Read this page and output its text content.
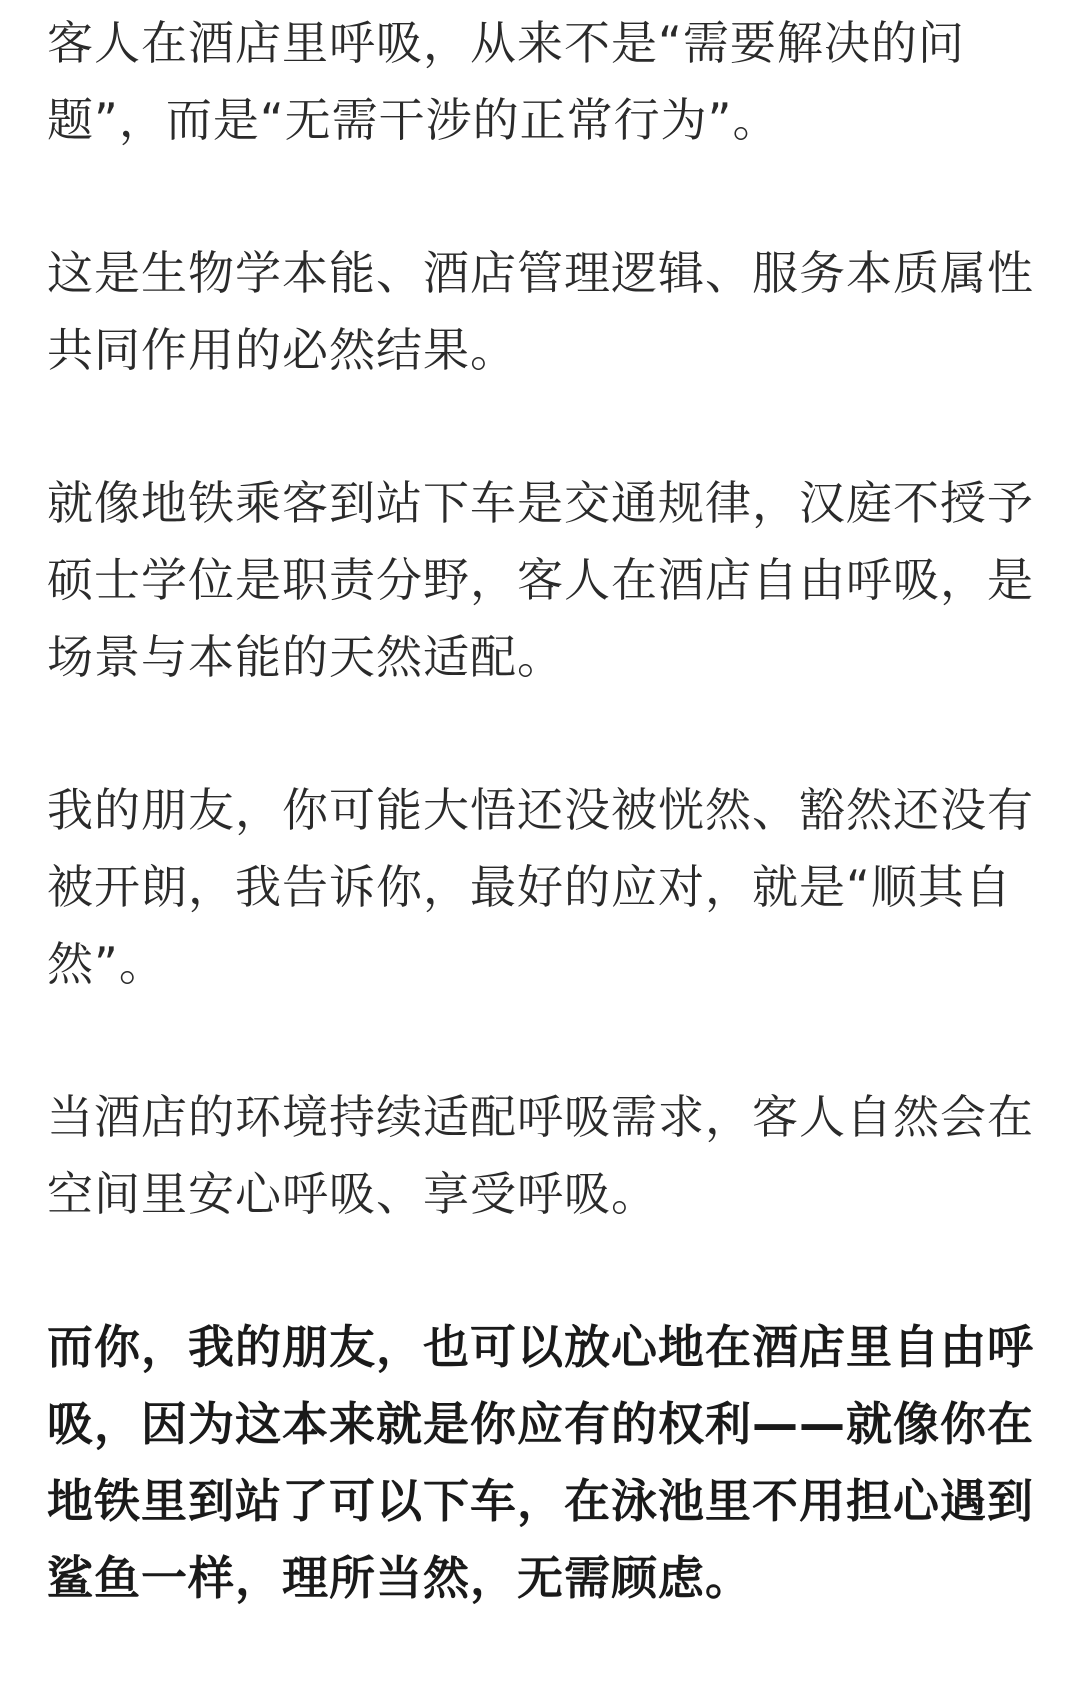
客人在酒店里呼吸，从来不是“需要解决的问题”，而是“无需干涉的正常行为”。

这是生物学本能、酒店管理逻辑、服务本质属性共同作用的必然结果。

就像地铁乘客到站下车是交通规律，汉庭不授予硕士学位是职责分野，客人在酒店自由呼吸，是场景与本能的天然适配。

我的朋友，你可能大悟还没被恍然、豁然还没有被开朗，我告诉你，最好的应对，就是“顺其自然”。

当酒店的环境持续适配呼吸需求，客人自然会在空间里安心呼吸、享受呼吸。

而你，我的朋友，也可以放心地在酒店里自由呼吸，因为这本来就是你应有的权利——就像你在地铁里到站了可以下车，在泳池里不用担心遇到鲨鱼一样，理所当然，无需顾虑。
